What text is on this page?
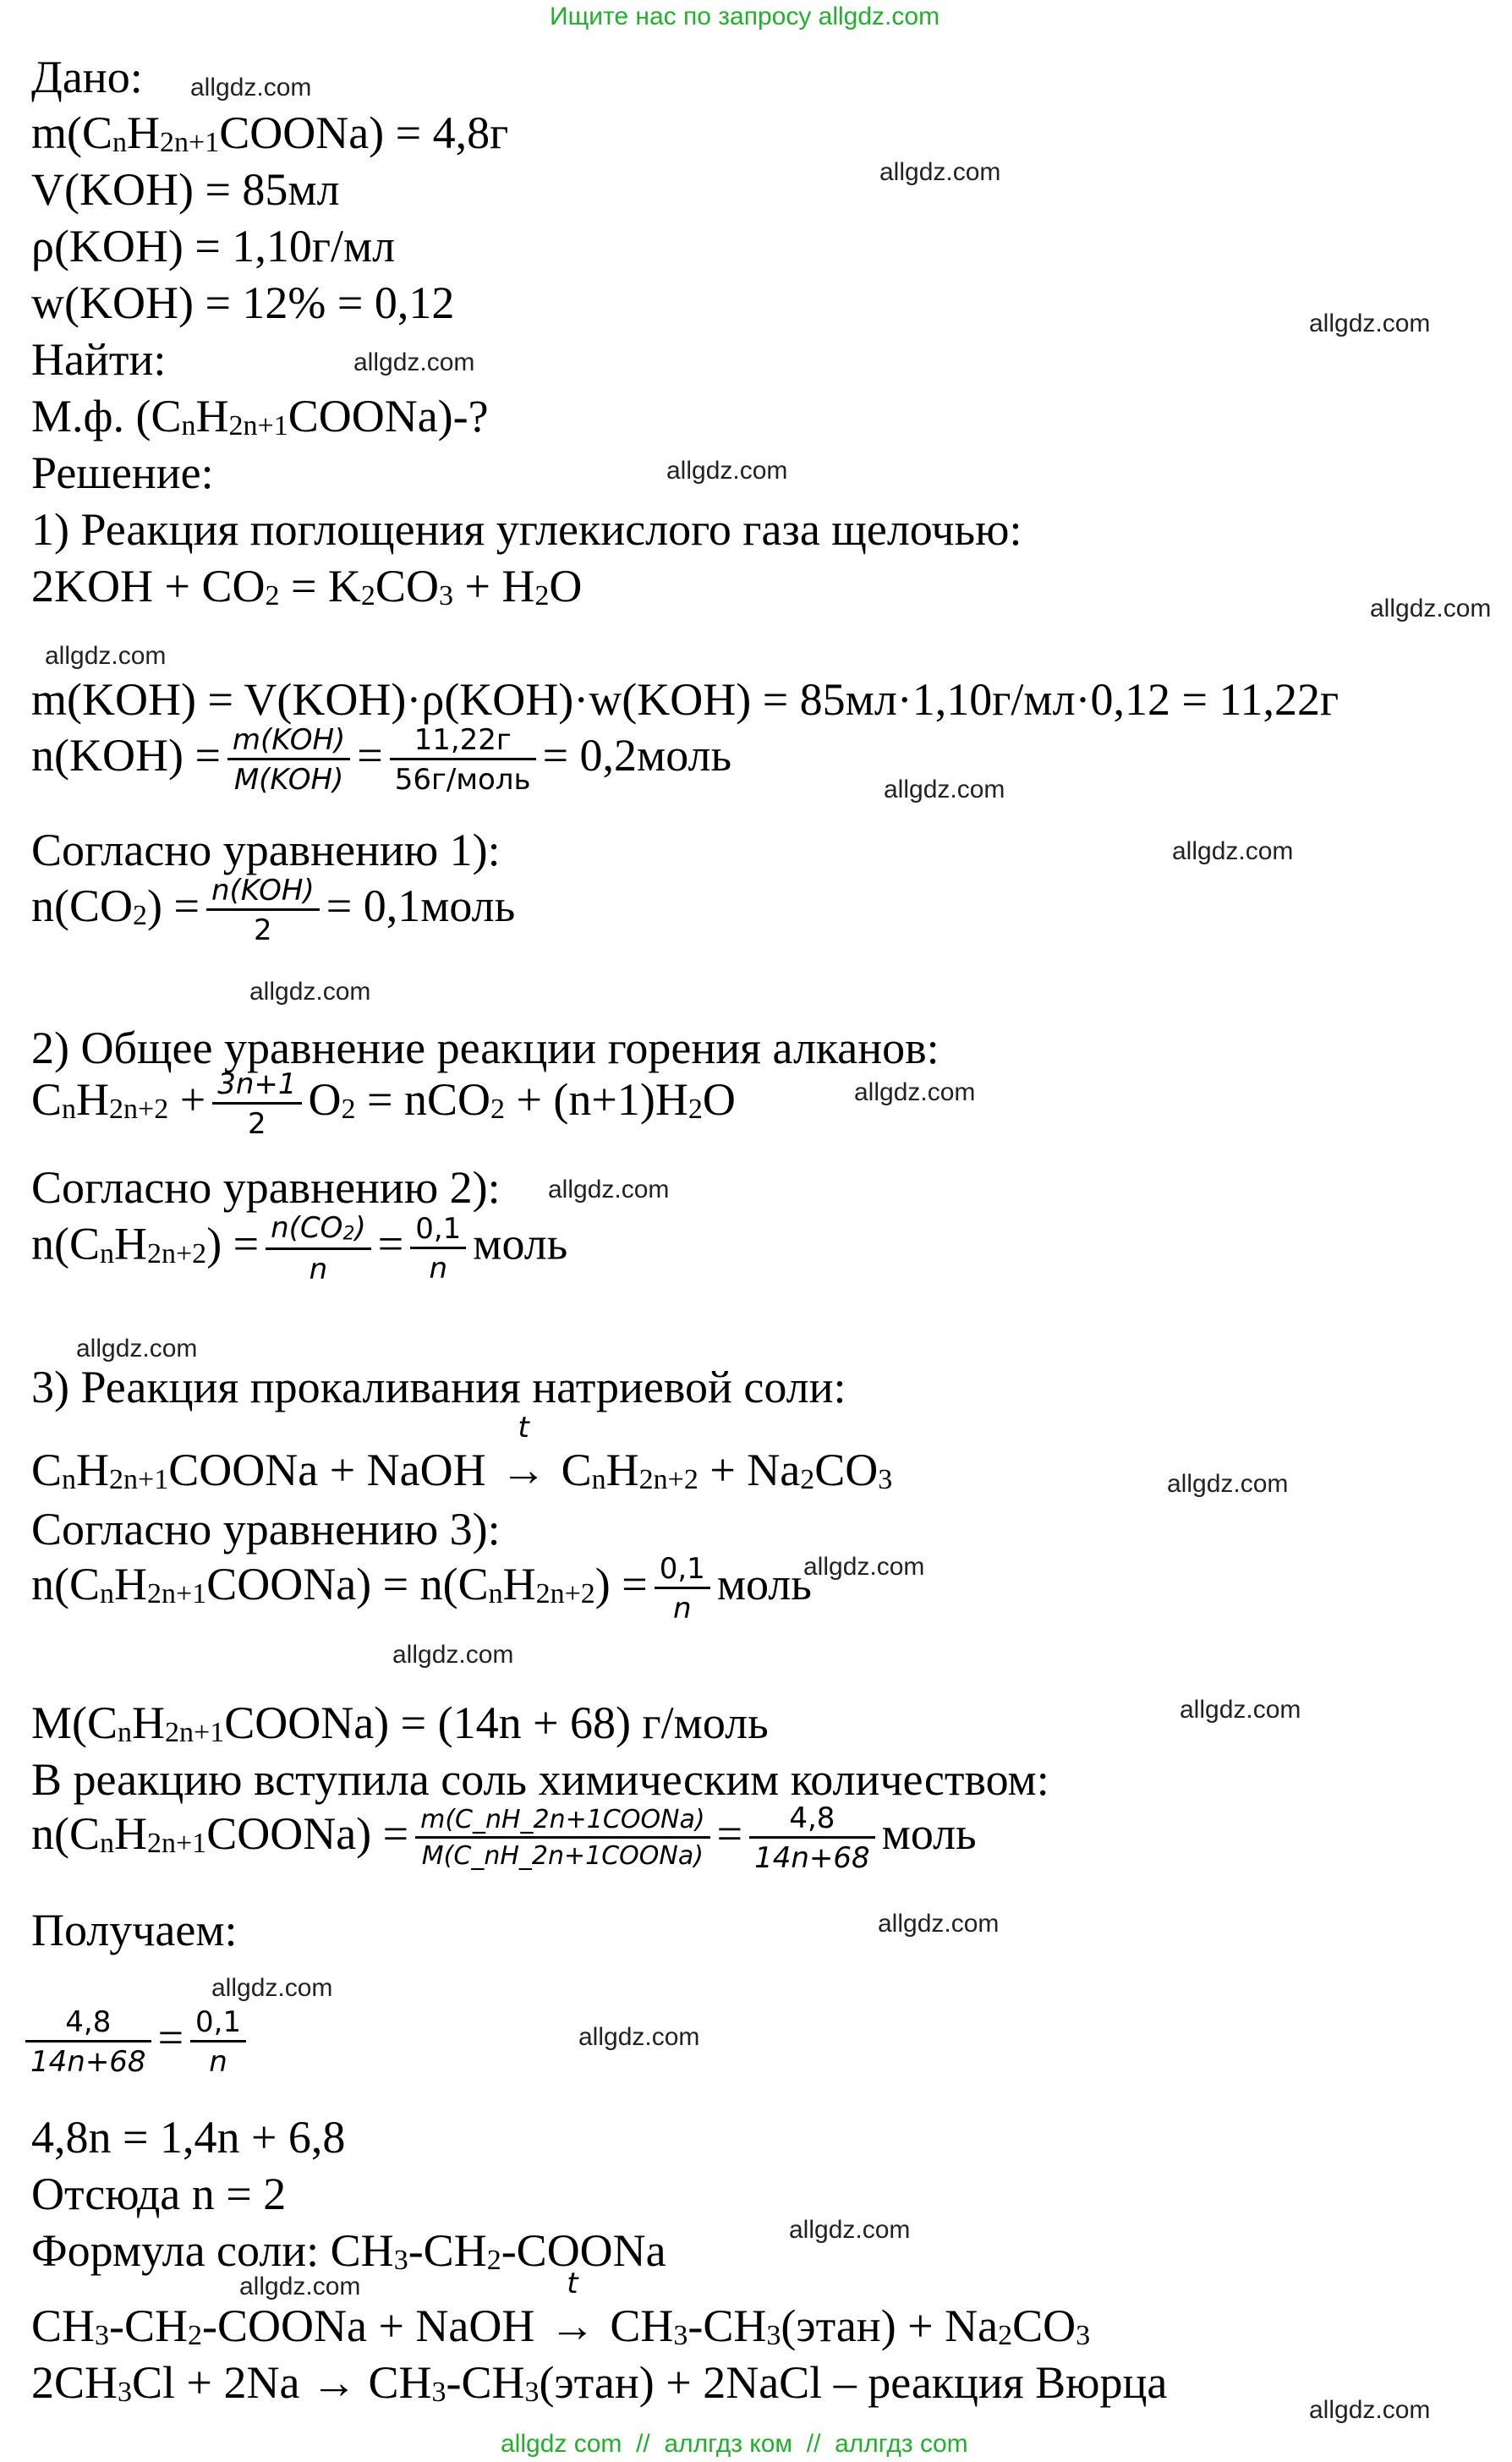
Ищите нас по запросу allgdz.com
Дано:
$m(C_nH_{2n+1}COONa) = 4,8г$
V(KOH) = 85мл
ρ(KOH) = 1,10г/мл
w(KOH) = 12% = 0,12
Найти:
М.ф. $(C_nH_{2n+1}COONa)-$?
Решение:
1) Реакция поглощения углекислого газа щелочью:
$2KOH + CO_2 = K_2CO_3 + H_2O$
m(KOH) = V(KOH)·ρ(KOH)·w(KOH) = 85мл·1,10г/мл·0,12 = 11,22г
$n(KOH) = \frac{\text{m(KOH)}}{\text{M(KOH)}} = \frac{11,22г}{\text{56г/моль}}$ = 0,2моль
Согласно уравнению 1):
$n(CO_2) = \frac{\text{n(KOH)}}{2}$ = 0,1моль
2) Общее уравнение реакции горения алканов:
$C_nH_{2n+2} + \frac{3n+1}{2} O_2 = nCO_2 + (n+1)H_2O$
Согласно уравнению 2):
$n(C_nH_{2n+2}) = \frac{n(CO_2)}{n} = \frac{0,1}{n}$ моль
3) Реакция прокаливания натриевой соли:
$C_nH_{2n+1}COONa$ + NaOH
t
→ $C_nH_{2n+2} + Na_2CO_3$
Согласно уравнению 3):
$n(C_nH_{2n+1}COONa) = n(C_nH_{2n+2}) = \frac{0,1}{n}$ моль
$M(C_nH_{2n+1}COONa) = (14n + 68)$ г/моль
В реакцию вступила соль химическим количеством:
$n(C_nH_{2n+1}COONa) = \frac{\text{m(C\_nH\_2n+1COONa)}}{\text{M(C\_nH\_2n+1COONa)}} = \frac{4,8}{14n+68}$ моль
Получаем:
$\frac{4,8}{14n+68} = \frac{0,1}{n}$
4,8n = 1,4n + 6,8
Отсюда n = 2
Формула соли: $CH_3-CH_2$-COONa
$CH_3-CH_2$-COONa + NaOH
t
→ $CH_3-CH_3(этан) + Na_2CO_3$
$2CH_3Cl + 2Na$ → $CH_3-CH_3(этан)$ + 2NaCl – реакция Вюрца
allgdz.com
allgdz.com
allgdz.com
allgdz.com
allgdz.com
allgdz.com
allgdz.com
allgdz.com
allgdz.com
allgdz.com
allgdz.com
allgdz.com
allgdz.com
allgdz.com
allgdz.com
allgdz.com
allgdz.com
allgdz.com
allgdz.com
allgdz.com
allgdz.com
allgdz.com
allgdz.com
allgdz com  //  аллгдз ком  //  аллгдз com
